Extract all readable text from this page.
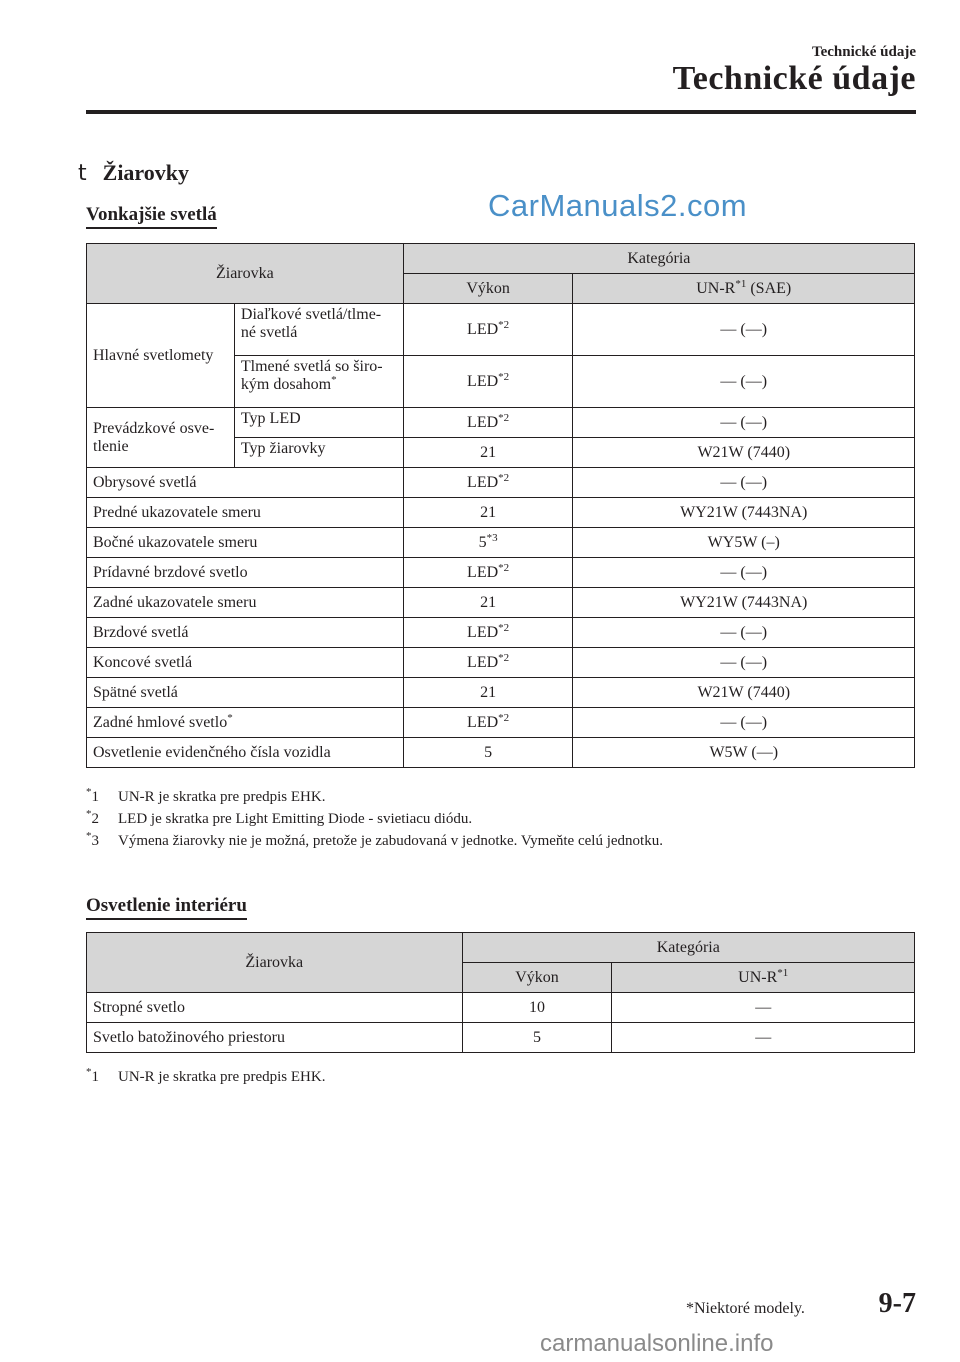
Technické údaje
Technické údaje
t Žiarovky
Vonkajšie svetlá	CarManuals2.com
Žiarovka		Kategória	
		Výkon	$UN-R^{*1}$ (SAE)
Hlavné svetlomety	Diaľkové svetlá/tlme-
né svetlá	LED$^{*2}$	— (—)
	Tlmené svetlá so širo-
kým dosahom*	LED$^{*2}$	— (—)
Prevádzkové osve-
tlenie	Typ LED	LED$^{*2}$	— (—)
	Typ žiarovky	21	W21W (7440)
Obrysové svetlá		LED$^{*2}$	— (—)
Predné ukazovatele smeru		21	WY21W (7443NA)
Bočné ukazovatele smeru		5$^{*3}$	WY5W (–)
Prídavné brzdové svetlo		LED$^{*2}$	— (—)
Zadné ukazovatele smeru		21	WY21W (7443NA)
Brzdové svetlá		LED$^{*2}$	— (—)
Koncové svetlá		LED$^{*2}$	— (—)
Spätné svetlá		21	W21W (7440)
Zadné hmlové svetlo*		LED$^{*2}$	— (—)
Osvetlenie evidenčného čísla vozidla		5	W5W (—)
*1	UN-R je skratka pre predpis EHK.
*2	LED je skratka pre Light Emitting Diode - svietiacu diódu.
*3	Výmena žiarovky nie je možná, pretože je zabudovaná v jednotke. Vymeňte celú jednotku.
Osvetlenie interiéru
Žiarovka	Kategória	
	Výkon	$UN-R^{*1}$
Stropné svetlo	10	—
Svetlo batožinového priestoru	5	—
*1	UN-R je skratka pre predpis EHK.
*Niektoré modely.	9-7
carmanualsonline.info
